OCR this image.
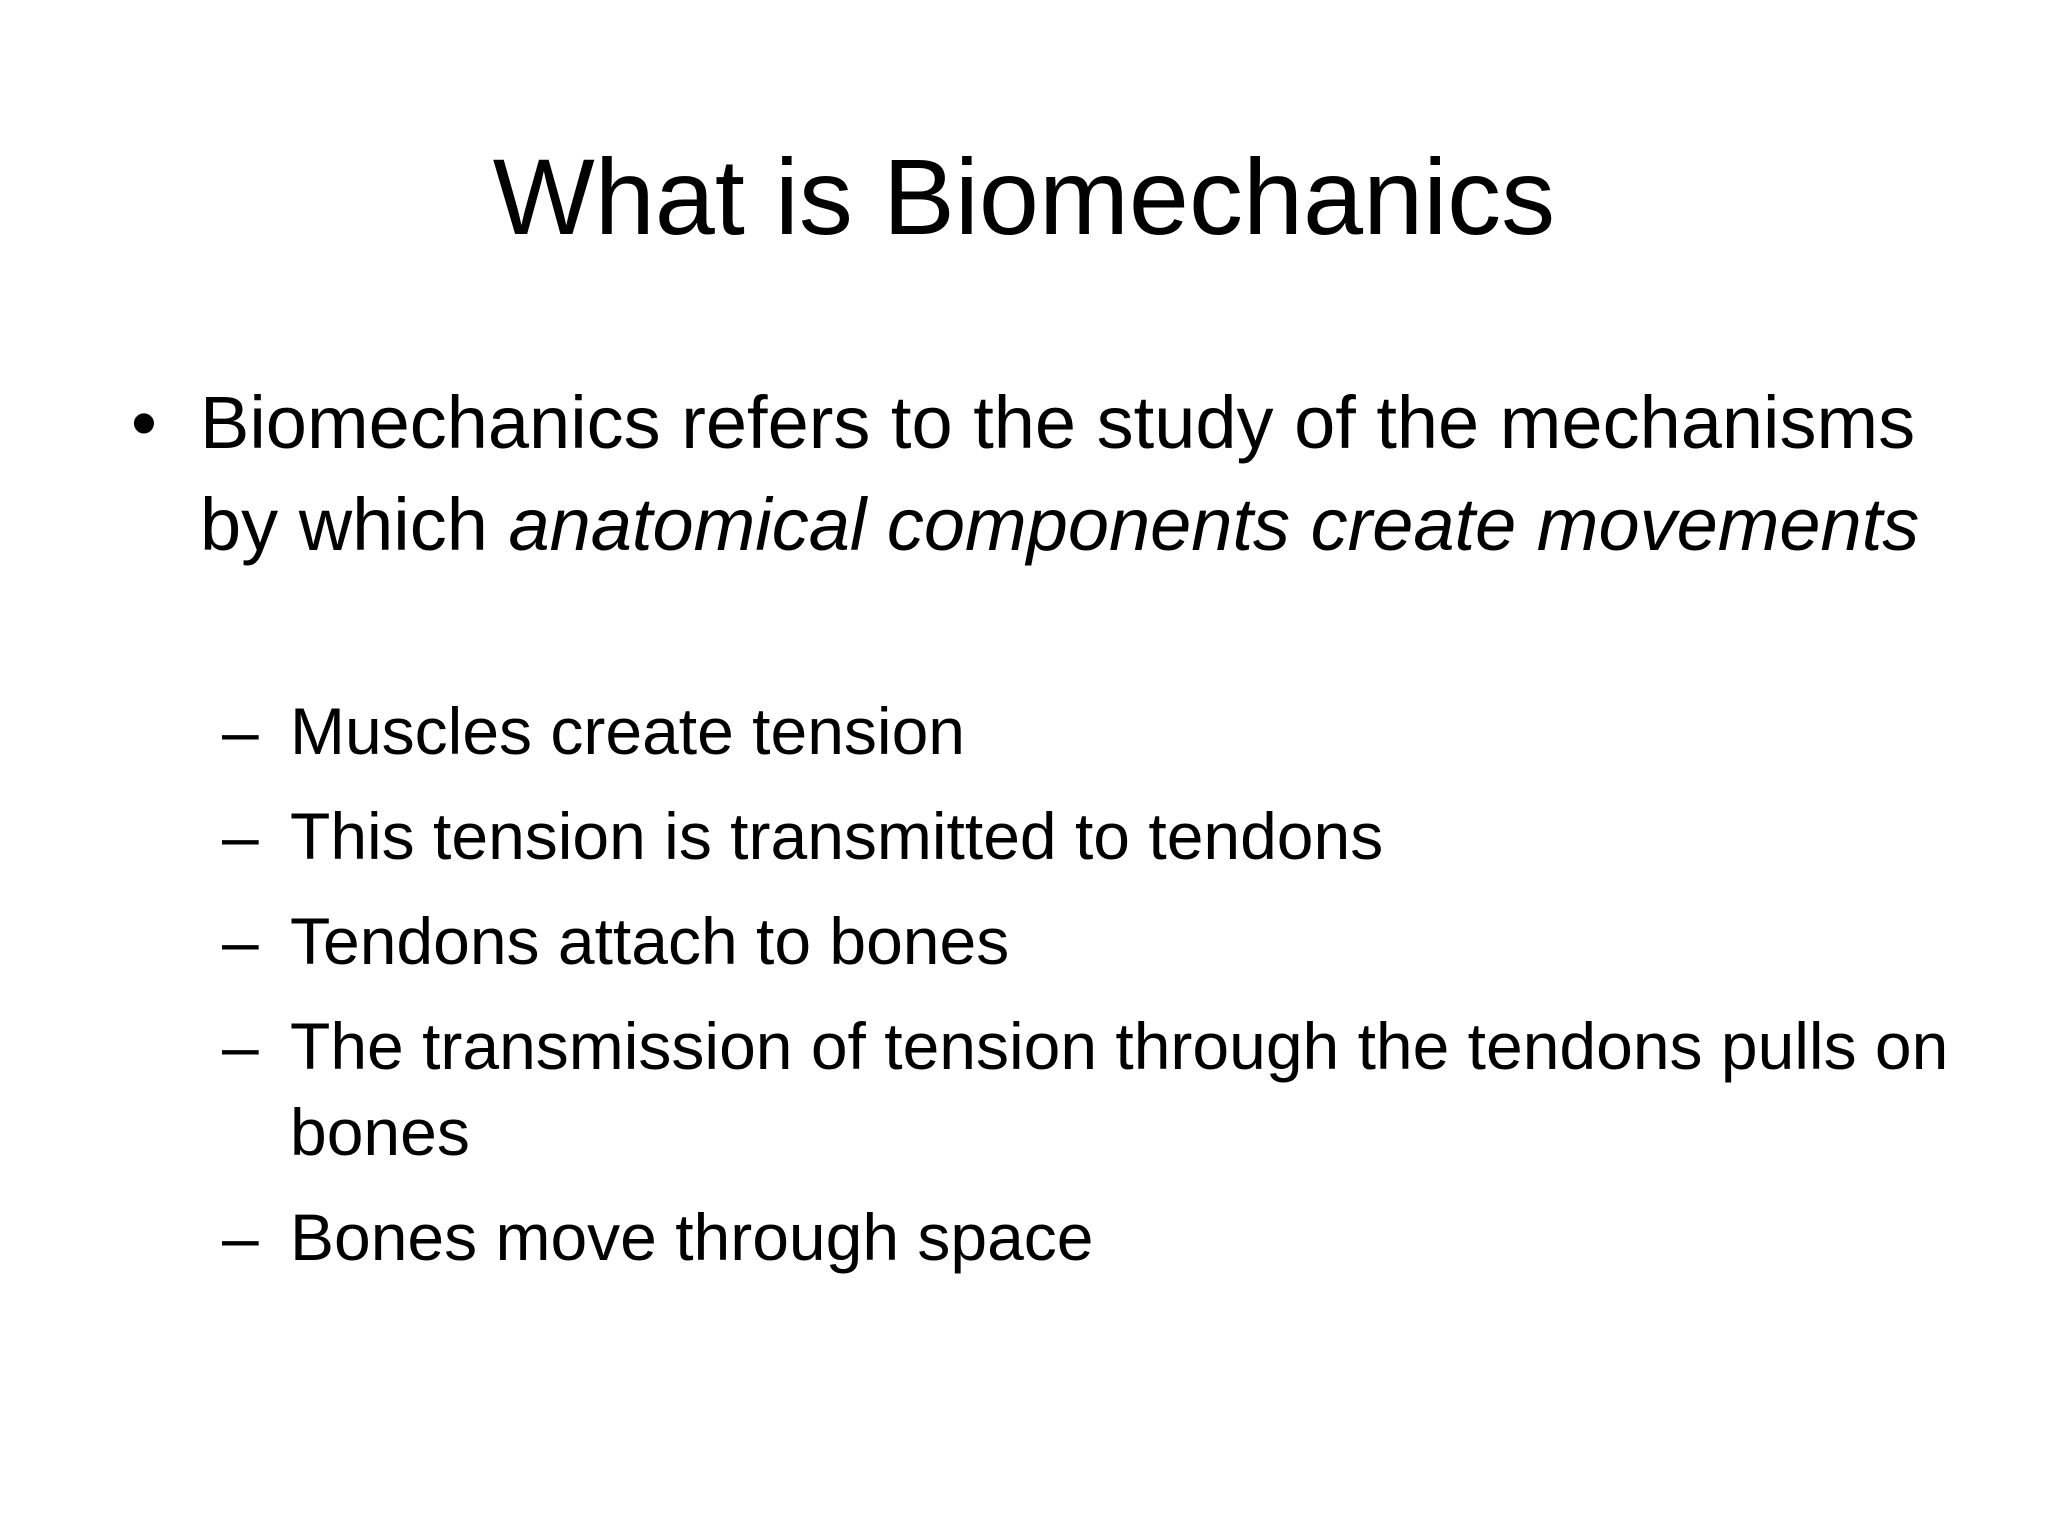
What is Biomechanics
• Biomechanics refers to the study of the mechanisms by which anatomical components create movements
– Muscles create tension
– This tension is transmitted to tendons
– Tendons attach to bones
– The transmission of tension through the tendons pulls on bones
– Bones move through space
